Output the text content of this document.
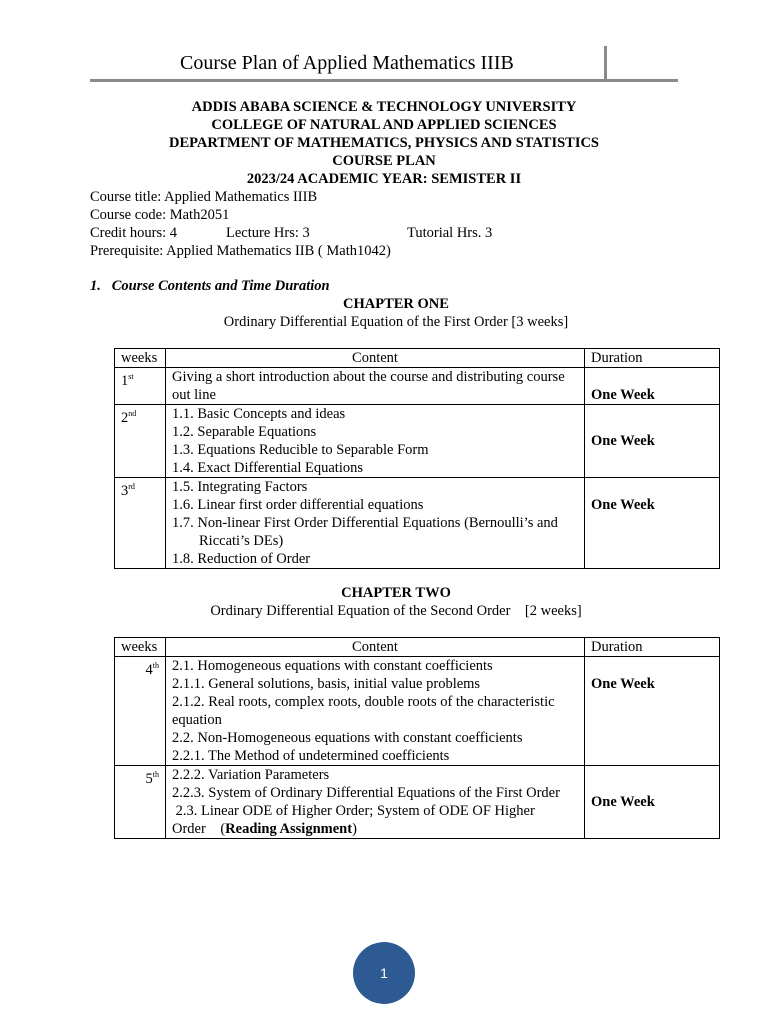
Course Plan of Applied Mathematics IIIB
ADDIS ABABA SCIENCE & TECHNOLOGY UNIVERSITY
COLLEGE OF NATURAL AND APPLIED SCIENCES
DEPARTMENT OF MATHEMATICS, PHYSICS AND STATISTICS
COURSE PLAN
2023/24 ACADEMIC YEAR: SEMISTER II
Course title: Applied Mathematics IIIB
Course code: Math2051
Credit hours: 4	Lecture Hrs: 3	Tutorial Hrs. 3
Prerequisite: Applied Mathematics IIB ( Math1042)
1. Course Contents and Time Duration
CHAPTER ONE
Ordinary Differential Equation of the First Order [3 weeks]
weeks	Content	Duration
1st	Giving a short introduction about the course and distributing course out line	One Week
2nd	1.1. Basic Concepts and ideas
1.2. Separable Equations
1.3. Equations Reducible to Separable Form
1.4. Exact Differential Equations	One Week
3rd	1.5. Integrating Factors
1.6. Linear first order differential equations
1.7. Non-linear First Order Differential Equations (Bernoulli’s and
Riccati’s DEs)
1.8. Reduction of Order	One Week
CHAPTER TWO
Ordinary Differential Equation of the Second Order    [2 weeks]
weeks	Content	Duration
4th	2.1. Homogeneous equations with constant coefficients
2.1.1. General solutions, basis, initial value problems
2.1.2. Real roots, complex roots, double roots of the characteristic equation
2.2. Non-Homogeneous equations with constant coefficients
2.2.1. The Method of undetermined coefficients	One Week
5th	2.2.2. Variation Parameters
2.2.3. System of Ordinary Differential Equations of the First Order
2.3. Linear ODE of Higher Order; System of ODE OF Higher Order    (Reading Assignment)	One Week
1
